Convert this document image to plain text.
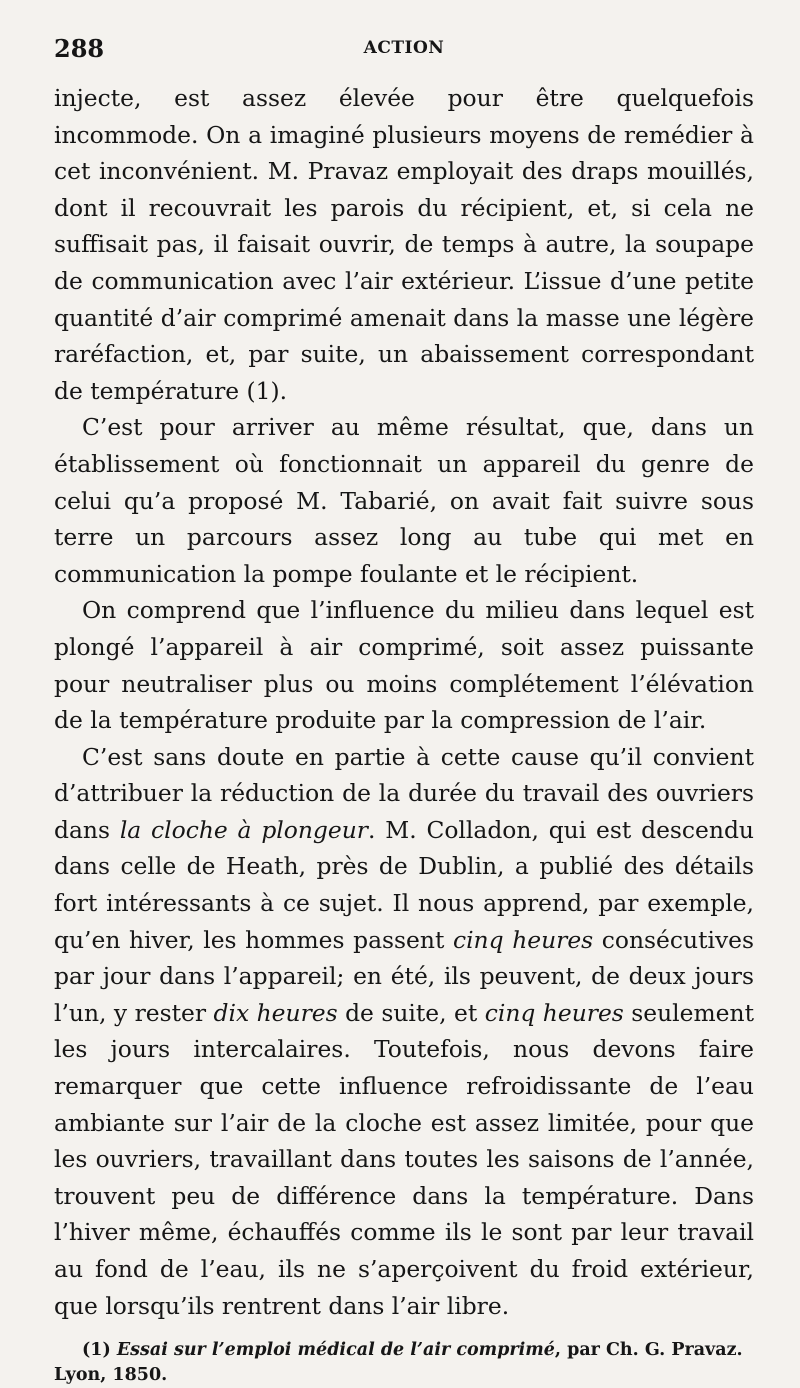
288	ACTION

injecte, est assez élevée pour être quelquefois incommode. On a imaginé plusieurs moyens de remédier à cet inconvénient. M. Pravaz employait des draps mouillés, dont il recouvrait les parois du récipient, et, si cela ne suffisait pas, il faisait ouvrir, de temps à autre, la soupape de communication avec l’air extérieur. L’issue d’une petite quantité d’air comprimé amenait dans la masse une légère raréfaction, et, par suite, un abaissement correspondant de température (1).

C’est pour arriver au même résultat, que, dans un établissement où fonctionnait un appareil du genre de celui qu’a proposé M. Tabarié, on avait fait suivre sous terre un parcours assez long au tube qui met en communication la pompe foulante et le récipient.

On comprend que l’influence du milieu dans lequel est plongé l’appareil à air comprimé, soit assez puissante pour neutraliser plus ou moins complétement l’élévation de la température produite par la compression de l’air.

C’est sans doute en partie à cette cause qu’il convient d’attribuer la réduction de la durée du travail des ouvriers dans la cloche à plongeur. M. Colladon, qui est descendu dans celle de Heath, près de Dublin, a publié des détails fort intéressants à ce sujet. Il nous apprend, par exemple, qu’en hiver, les hommes passent cinq heures consécutives par jour dans l’appareil; en été, ils peuvent, de deux jours l’un, y rester dix heures de suite, et cinq heures seulement les jours intercalaires. Toutefois, nous devons faire remarquer que cette influence refroidissante de l’eau ambiante sur l’air de la cloche est assez limitée, pour que les ouvriers, travaillant dans toutes les saisons de l’année, trouvent peu de différence dans la température. Dans l’hiver même, échauffés comme ils le sont par leur travail au fond de l’eau, ils ne s’aperçoivent du froid extérieur, que lorsqu’ils rentrent dans l’air libre.

(1) Essai sur l’emploi médical de l’air comprimé, par Ch. G. Pravaz. Lyon, 1850.
